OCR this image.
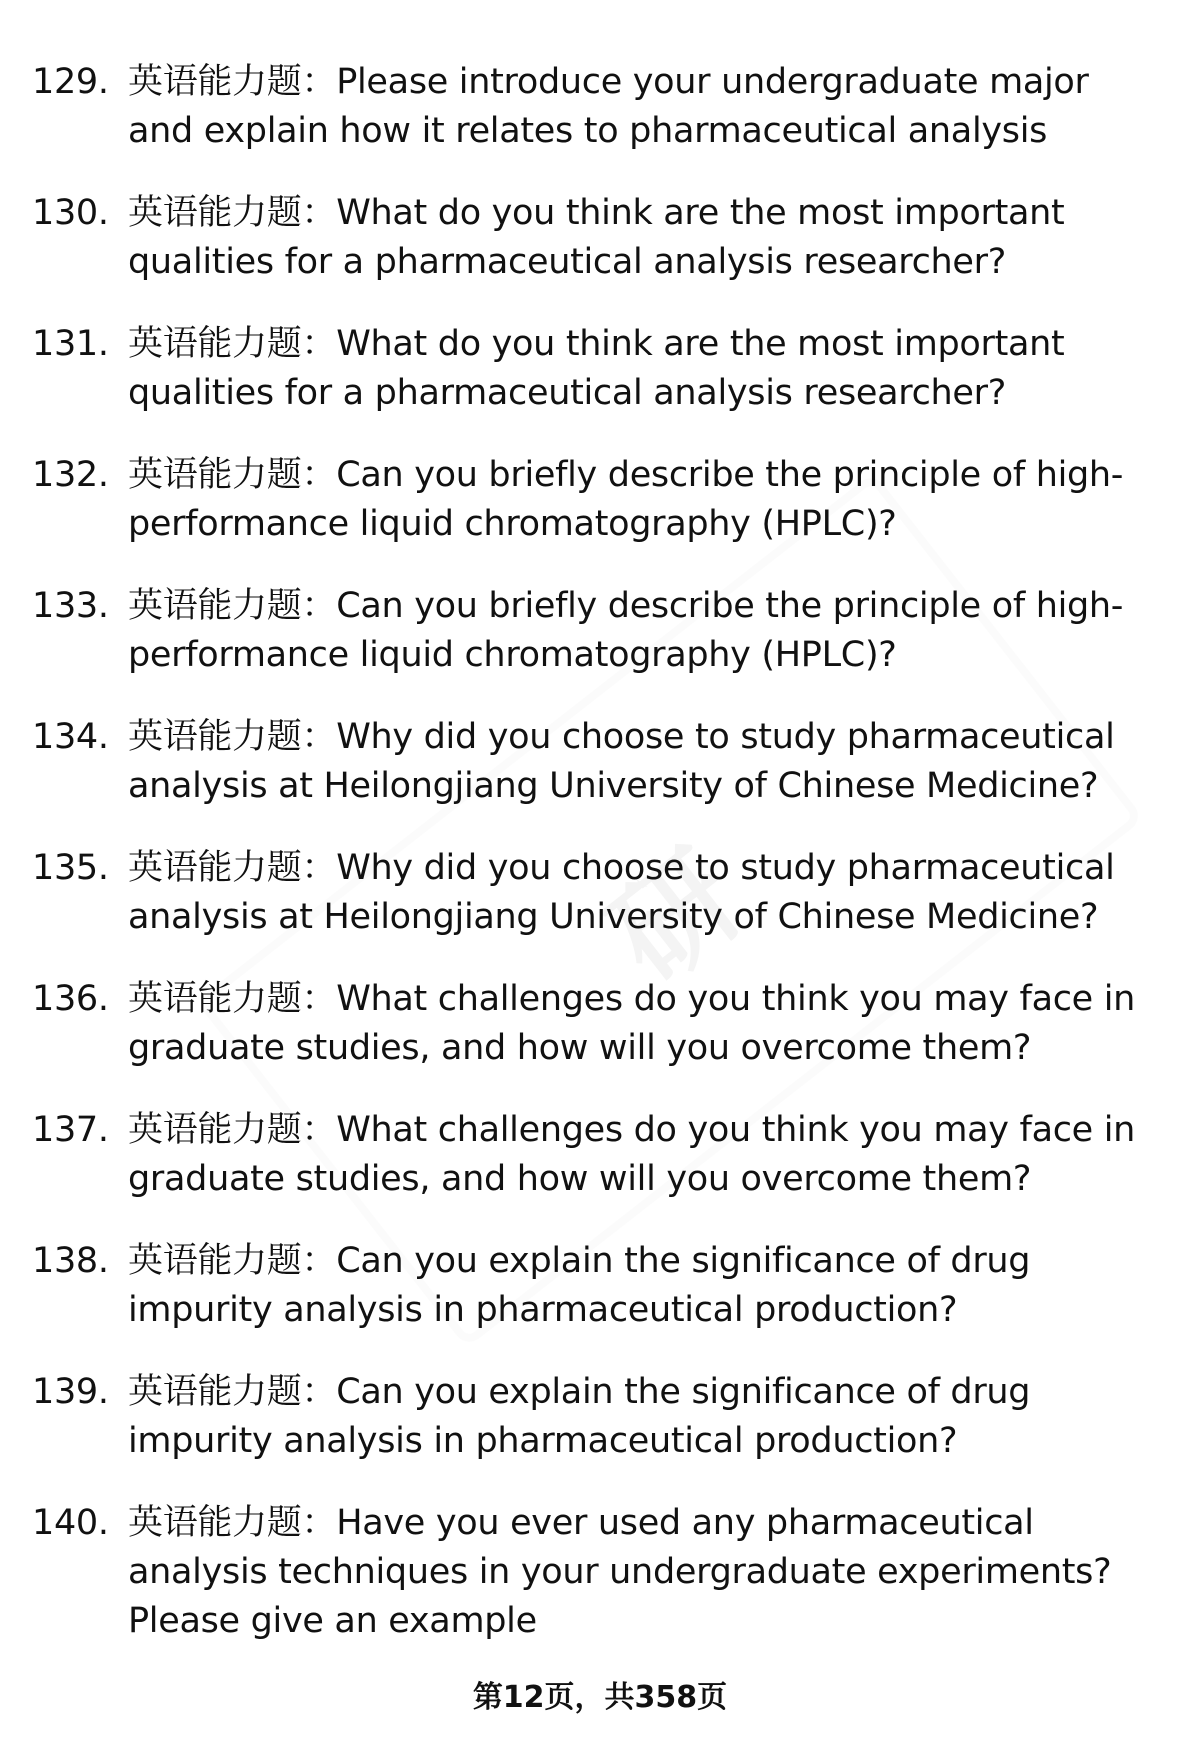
研
129. 英语能力题：Please introduce your undergraduate major and explain how it relates to pharmaceutical analysis
130. 英语能力题：What do you think are the most important qualities for a pharmaceutical analysis researcher?
131. 英语能力题：What do you think are the most important qualities for a pharmaceutical analysis researcher?
132. 英语能力题：Can you briefly describe the principle of high-performance liquid chromatography (HPLC)?
133. 英语能力题：Can you briefly describe the principle of high-performance liquid chromatography (HPLC)?
134. 英语能力题：Why did you choose to study pharmaceutical analysis at Heilongjiang University of Chinese Medicine?
135. 英语能力题：Why did you choose to study pharmaceutical analysis at Heilongjiang University of Chinese Medicine?
136. 英语能力题：What challenges do you think you may face in graduate studies, and how will you overcome them?
137. 英语能力题：What challenges do you think you may face in graduate studies, and how will you overcome them?
138. 英语能力题：Can you explain the significance of drug impurity analysis in pharmaceutical production?
139. 英语能力题：Can you explain the significance of drug impurity analysis in pharmaceutical production?
140. 英语能力题：Have you ever used any pharmaceutical analysis techniques in your undergraduate experiments? Please give an example
第12页，共358页
